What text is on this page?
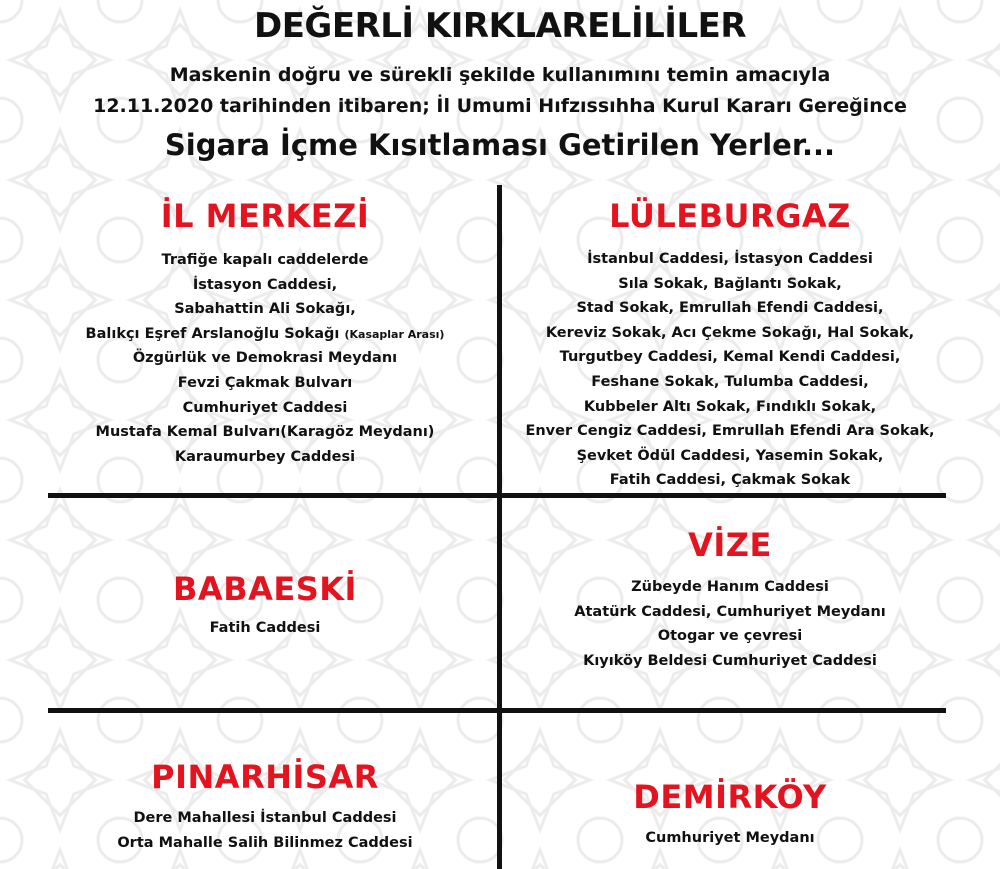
DEĞERLİ KIRKLARELİLİLER
Maskenin doğru ve sürekli şekilde kullanımını temin amacıyla
12.11.2020 tarihinden itibaren; İl Umumi Hıfzıssıhha Kurul Kararı Gereğince
Sigara İçme Kısıtlaması Getirilen Yerler...
İL MERKEZİ
Trafiğe kapalı caddelerde
İstasyon Caddesi,
Sabahattin Ali Sokağı,
Balıkçı Eşref Arslanoğlu Sokağı (Kasaplar Arası)
Özgürlük ve Demokrasi Meydanı
Fevzi Çakmak Bulvarı
Cumhuriyet Caddesi
Mustafa Kemal Bulvarı(Karagöz Meydanı)
Karaumurbey Caddesi
LÜLEBURGAZ
İstanbul Caddesi, İstasyon Caddesi
Sıla Sokak, Bağlantı Sokak,
Stad Sokak, Emrullah Efendi Caddesi,
Kereviz Sokak, Acı Çekme Sokağı, Hal Sokak,
Turgutbey Caddesi, Kemal Kendi Caddesi,
Feshane Sokak, Tulumba Caddesi,
Kubbeler Altı Sokak, Fındıklı Sokak,
Enver Cengiz Caddesi, Emrullah Efendi Ara Sokak,
Şevket Ödül Caddesi, Yasemin Sokak,
Fatih Caddesi, Çakmak Sokak
BABAESKİ
Fatih Caddesi
VİZE
Zübeyde Hanım Caddesi
Atatürk Caddesi, Cumhuriyet Meydanı
Otogar ve çevresi
Kıyıköy Beldesi Cumhuriyet Caddesi
PINARHİSAR
Dere Mahallesi İstanbul Caddesi
Orta Mahalle Salih Bilinmez Caddesi
DEMİRKÖY
Cumhuriyet Meydanı
